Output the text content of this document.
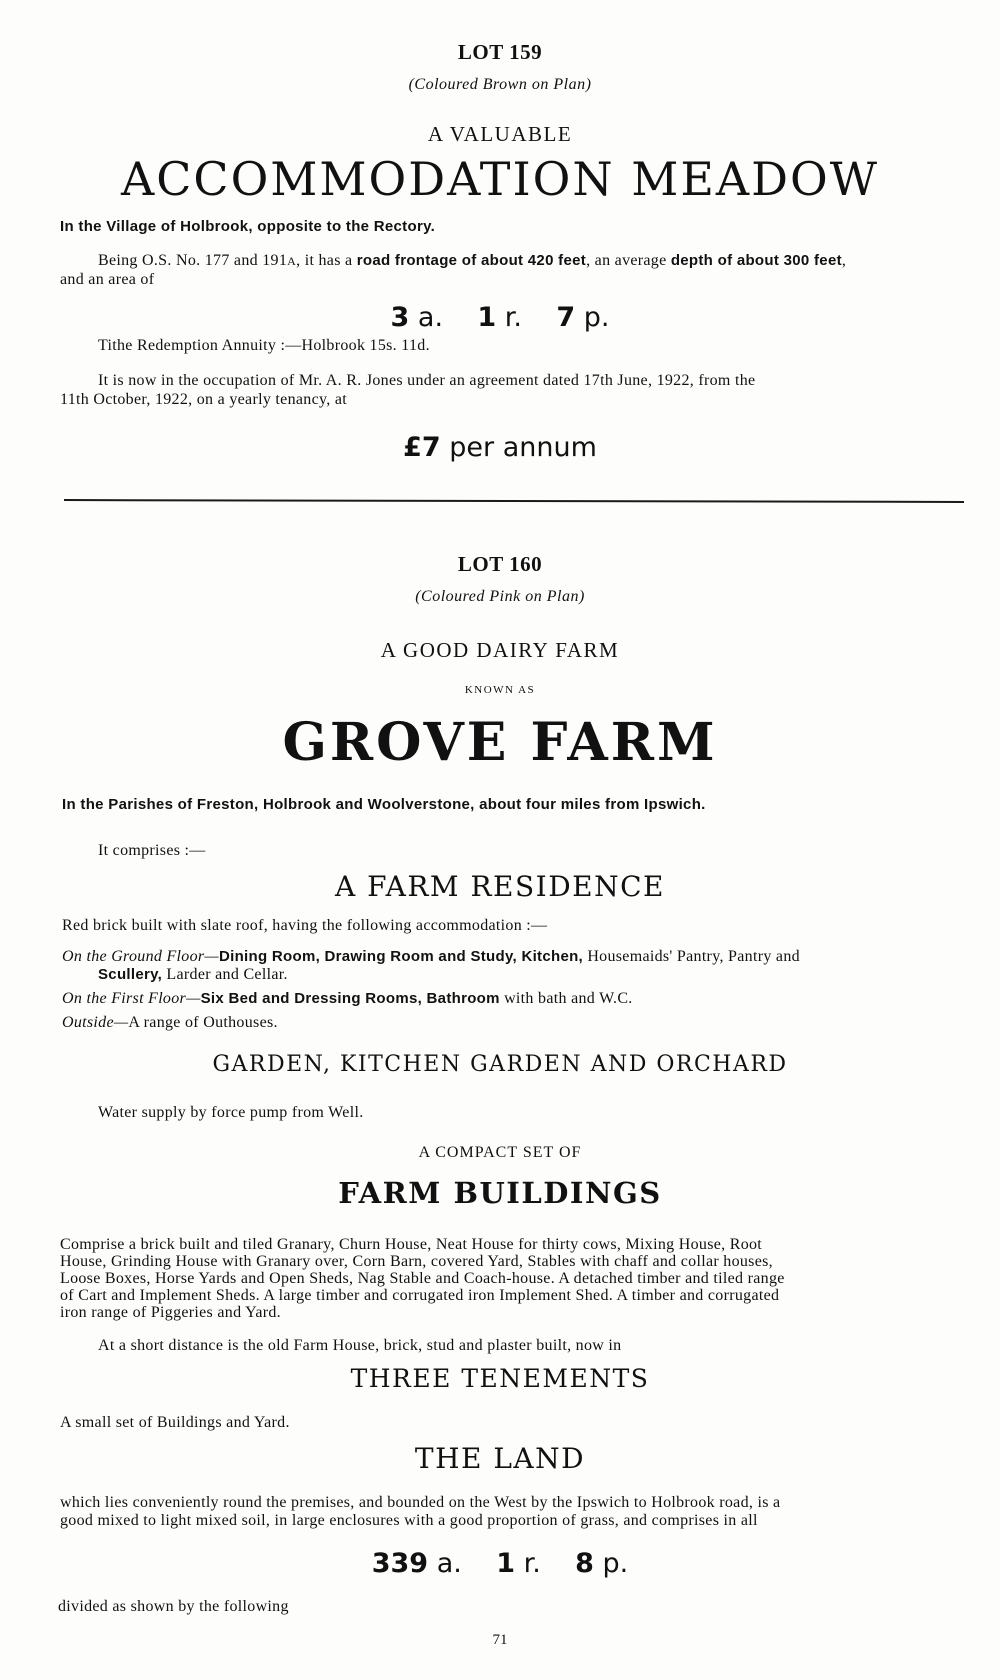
LOT 159
(Coloured Brown on Plan)
A VALUABLE
ACCOMMODATION MEADOW
In the Village of Holbrook, opposite to the Rectory.
Being O.S. No. 177 and 191A, it has a road frontage of about 420 feet, an average depth of about 300 feet,
and an area of
3 a. 1 r. 7 p.
Tithe Redemption Annuity :—Holbrook 15s. 11d.
It is now in the occupation of Mr. A. R. Jones under an agreement dated 17th June, 1922, from the
11th October, 1922, on a yearly tenancy, at
£7 per annum
LOT 160
(Coloured Pink on Plan)
A GOOD DAIRY FARM
KNOWN AS
GROVE FARM
In the Parishes of Freston, Holbrook and Woolverstone, about four miles from Ipswich.
It comprises :—
A FARM RESIDENCE
Red brick built with slate roof, having the following accommodation :—
On the Ground Floor—Dining Room, Drawing Room and Study, Kitchen, Housemaids' Pantry, Pantry and
Scullery, Larder and Cellar.
On the First Floor—Six Bed and Dressing Rooms, Bathroom with bath and W.C.
Outside—A range of Outhouses.
GARDEN, KITCHEN GARDEN AND ORCHARD
Water supply by force pump from Well.
A COMPACT SET OF
FARM BUILDINGS
Comprise a brick built and tiled Granary, Churn House, Neat House for thirty cows, Mixing House, Root
House, Grinding House with Granary over, Corn Barn, covered Yard, Stables with chaff and collar houses,
Loose Boxes, Horse Yards and Open Sheds, Nag Stable and Coach-house. A detached timber and tiled range
of Cart and Implement Sheds. A large timber and corrugated iron Implement Shed. A timber and corrugated
iron range of Piggeries and Yard.
At a short distance is the old Farm House, brick, stud and plaster built, now in
THREE TENEMENTS
A small set of Buildings and Yard.
THE LAND
which lies conveniently round the premises, and bounded on the West by the Ipswich to Holbrook road, is a
good mixed to light mixed soil, in large enclosures with a good proportion of grass, and comprises in all
339 a. 1 r. 8 p.
divided as shown by the following
71
